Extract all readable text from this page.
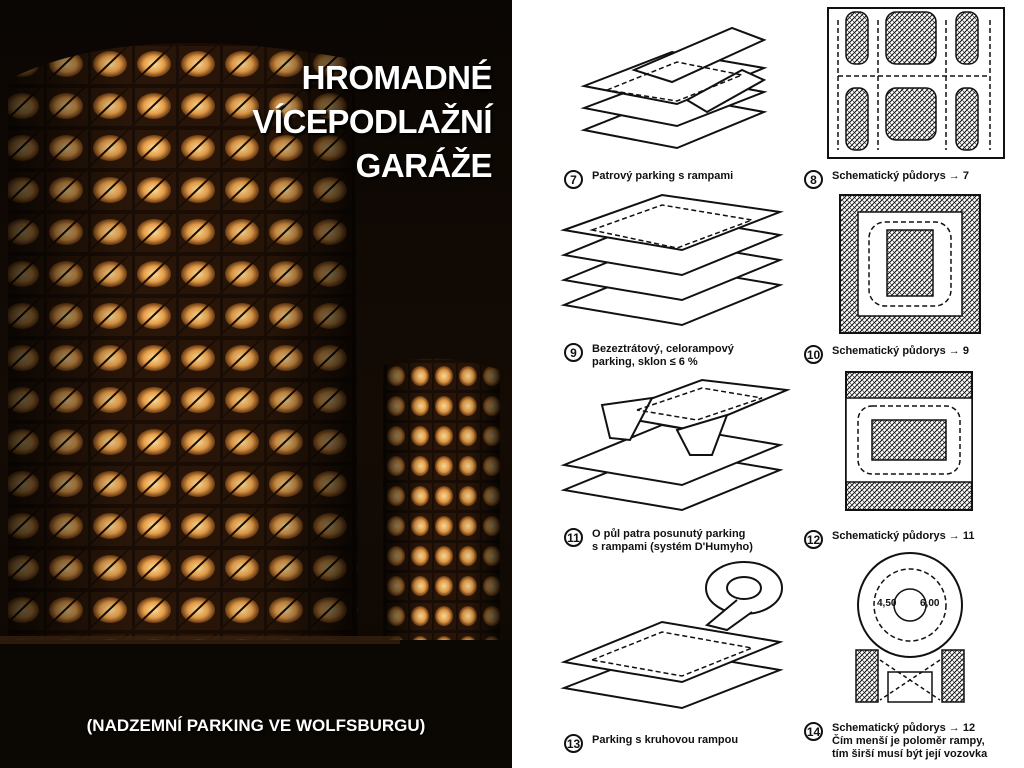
HROMADNÉ
VÍCEPODLAŽNÍ
GARÁŽE

(NADZEMNÍ PARKING VE WOLFSBURGU)

4,50 6,00
7	Patrový parking s rampami	8	Schematický půdorys → 7
9	Bezeztrátový, celorampový
parking, sklon ≤ 6 %
10 Schematický půdorys → 9
11 O půl patra posunutý parking
s rampami (systém D'Humyho)
12 Schematický půdorys → 11
13 Parking s kruhovou rampou
14 Schematický půdorys → 12
Čím menší je poloměr rampy,
tím širší musí být její vozovka
